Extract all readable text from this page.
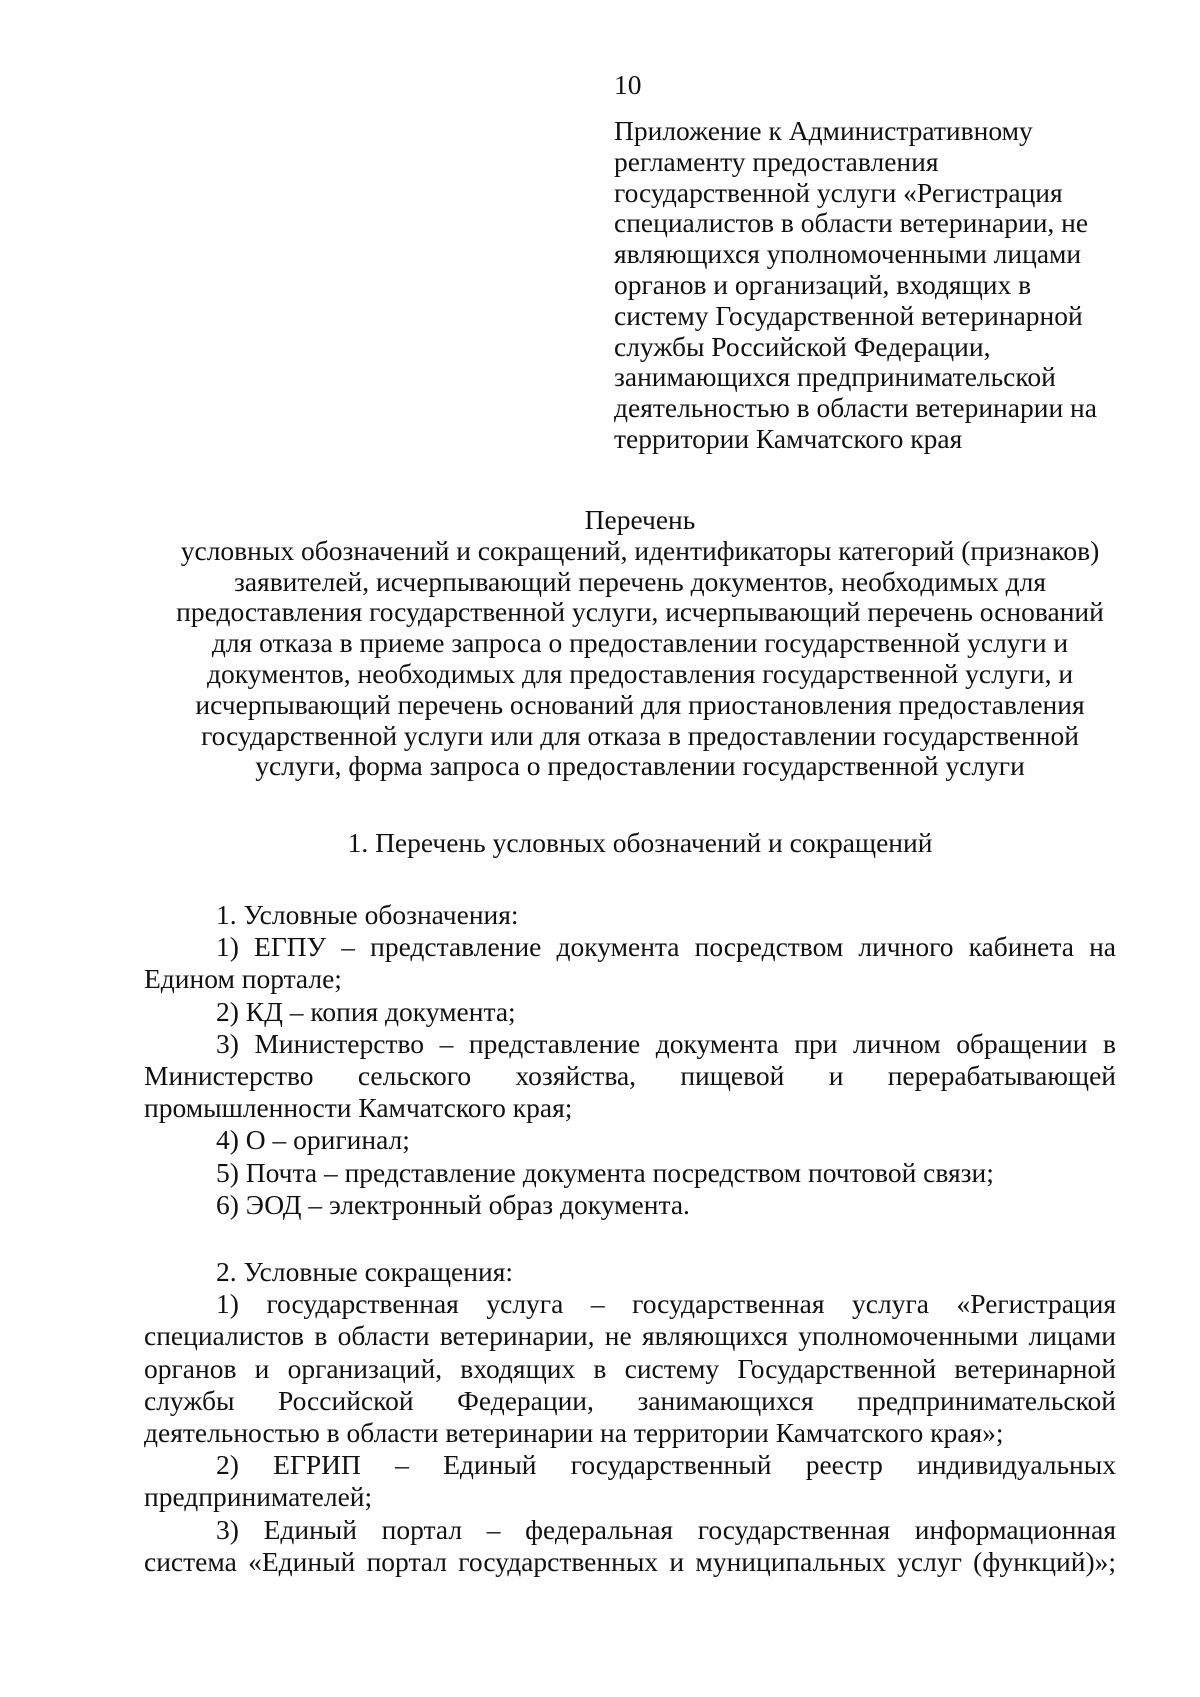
10
Приложение к Административному
регламенту предоставления
государственной услуги «Регистрация
специалистов в области ветеринарии, не
являющихся уполномоченными лицами
органов и организаций, входящих в
систему Государственной ветеринарной
службы Российской Федерации,
занимающихся предпринимательской
деятельностью в области ветеринарии на
территории Камчатского края
Перечень
условных обозначений и сокращений, идентификаторы категорий (признаков)
заявителей, исчерпывающий перечень документов, необходимых для
предоставления государственной услуги, исчерпывающий перечень оснований
для отказа в приеме запроса о предоставлении государственной услуги и
документов, необходимых для предоставления государственной услуги, и
исчерпывающий перечень оснований для приостановления предоставления
государственной услуги или для отказа в предоставлении государственной
услуги, форма запроса о предоставлении государственной услуги
1. Перечень условных обозначений и сокращений
1. Условные обозначения:
1) ЕГПУ – представление документа посредством личного кабинета на
Едином портале;
2) КД – копия документа;
3) Министерство – представление документа при личном обращении в
Министерство сельского хозяйства, пищевой и перерабатывающей
промышленности Камчатского края;
4) О – оригинал;
5) Почта – представление документа посредством почтовой связи;
6) ЭОД – электронный образ документа.
2. Условные сокращения:
1) государственная услуга – государственная услуга «Регистрация
специалистов в области ветеринарии, не являющихся уполномоченными лицами
органов и организаций, входящих в систему Государственной ветеринарной
службы Российской Федерации, занимающихся предпринимательской
деятельностью в области ветеринарии на территории Камчатского края»;
2) ЕГРИП – Единый государственный реестр индивидуальных
предпринимателей;
3) Единый портал – федеральная государственная информационная
система «Единый портал государственных и муниципальных услуг (функций)»;
